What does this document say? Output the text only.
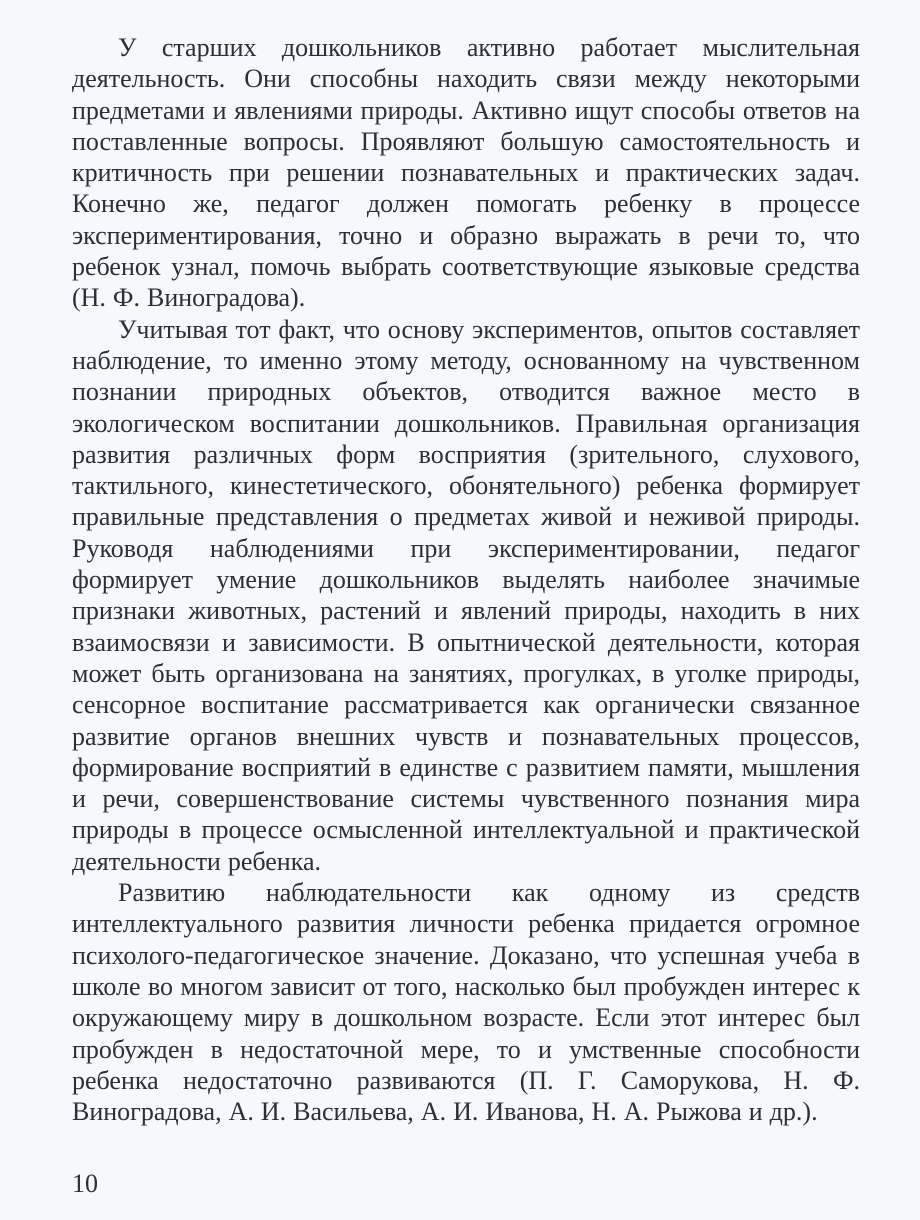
У старших дошкольников активно работает мыслительная деятельность. Они способны находить связи между некоторыми предметами и явлениями природы. Активно ищут способы ответов на поставленные вопросы. Проявляют большую самостоятельность и критичность при решении познавательных и практических задач. Конечно же, педагог должен помогать ребенку в процессе экспериментирования, точно и образно выражать в речи то, что ребенок узнал, помочь выбрать соответствующие языковые средства (Н. Ф. Виноградова).

Учитывая тот факт, что основу экспериментов, опытов составляет наблюдение, то именно этому методу, основанному на чувственном познании природных объектов, отводится важное место в экологическом воспитании дошкольников. Правильная организация развития различных форм восприятия (зрительного, слухового, тактильного, кинестетического, обонятельного) ребенка формирует правильные представления о предметах живой и неживой природы. Руководя наблюдениями при экспериментировании, педагог формирует умение дошкольников выделять наиболее значимые признаки животных, растений и явлений природы, находить в них взаимосвязи и зависимости. В опытнической деятельности, которая может быть организована на занятиях, прогулках, в уголке природы, сенсорное воспитание рассматривается как органически связанное развитие органов внешних чувств и познавательных процессов, формирование восприятий в единстве с развитием памяти, мышления и речи, совершенствование системы чувственного познания мира природы в процессе осмысленной интеллектуальной и практической деятельности ребенка.

Развитию наблюдательности как одному из средств интеллектуального развития личности ребенка придается огромное психолого-педагогическое значение. Доказано, что успешная учеба в школе во многом зависит от того, насколько был пробужден интерес к окружающему миру в дошкольном возрасте. Если этот интерес был пробужден в недостаточной мере, то и умственные способности ребенка недостаточно развиваются (П. Г. Саморукова, Н. Ф. Виноградова, А. И. Васильева, А. И. Иванова, Н. А. Рыжова и др.).

10
